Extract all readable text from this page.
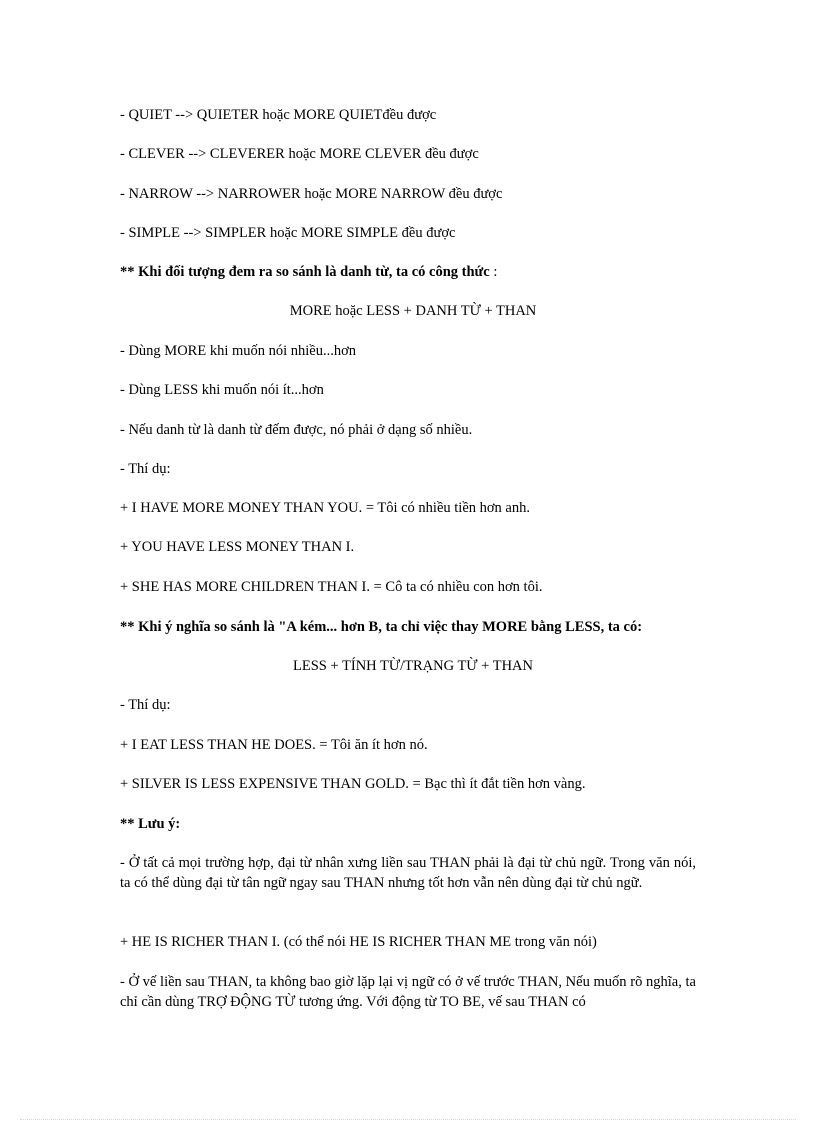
- QUIET --> QUIETER hoặc MORE QUIETđều được
- CLEVER --> CLEVERER hoặc MORE CLEVER đều được
- NARROW --> NARROWER hoặc MORE NARROW đều được
- SIMPLE --> SIMPLER hoặc MORE SIMPLE đều được
** Khi đối tượng đem ra so sánh là danh từ, ta có công thức :
MORE hoặc LESS + DANH TỪ + THAN
- Dùng MORE khi muốn nói nhiều...hơn
- Dùng LESS khi muốn nói ít...hơn
- Nếu danh từ là danh từ đếm được, nó phải ở dạng số nhiều.
- Thí dụ:
+ I HAVE MORE MONEY THAN YOU. = Tôi có nhiều tiền hơn anh.
+ YOU HAVE LESS MONEY THAN I.
+ SHE HAS MORE CHILDREN THAN I. = Cô ta có nhiều con hơn tôi.
** Khi ý nghĩa so sánh là "A kém... hơn B, ta chỉ việc thay MORE bằng LESS, ta có:
LESS + TÍNH TỪ/TRẠNG TỪ + THAN
- Thí dụ:
+ I EAT LESS THAN HE DOES. = Tôi ăn ít hơn nó.
+ SILVER IS LESS EXPENSIVE THAN GOLD. = Bạc thì ít đắt tiền hơn vàng.
** Lưu ý:
- Ở tất cả mọi trường hợp, đại từ nhân xưng liền sau THAN phải là đại từ chủ ngữ. Trong văn nói, ta có thể dùng đại từ tân ngữ ngay sau THAN nhưng tốt hơn vẫn nên dùng đại từ chủ ngữ.
+ HE IS RICHER THAN I. (có thể nói HE IS RICHER THAN ME trong văn nói)
- Ở vế liền sau THAN, ta không bao giờ lặp lại vị ngữ có ở vế trước THAN, Nếu muốn rõ nghĩa, ta chỉ cần dùng TRỢ ĐỘNG TỪ tương ứng. Với động từ TO BE, vế sau THAN có
